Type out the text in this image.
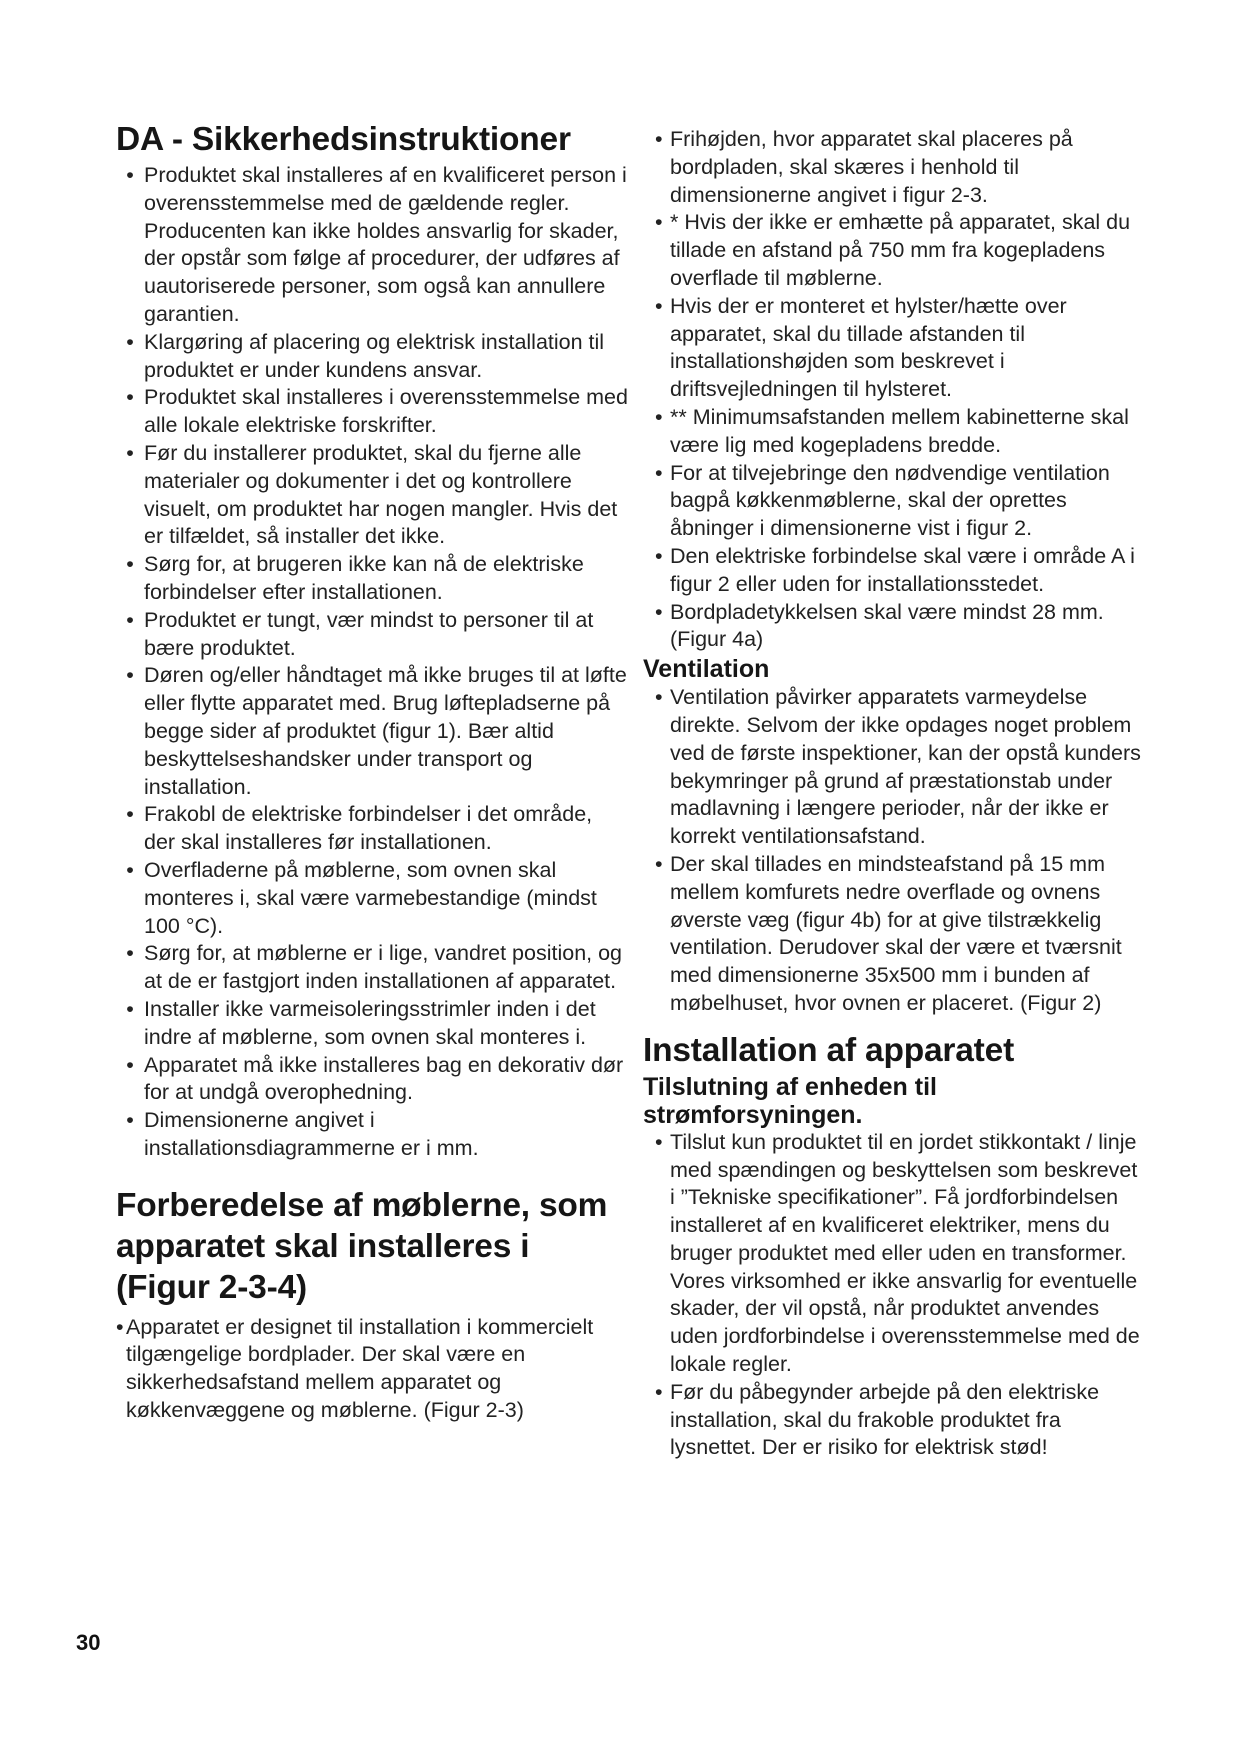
DA - Sikkerhedsinstruktioner
• Produktet skal installeres af en kvalificeret person i overensstemmelse med de gældende regler. Producenten kan ikke holdes ansvarlig for skader, der opstår som følge af procedurer, der udføres af uautoriserede personer, som også kan annullere garantien.
• Klargøring af placering og elektrisk installation til produktet er under kundens ansvar.
• Produktet skal installeres i overensstemmelse med alle lokale elektriske forskrifter.
• Før du installerer produktet, skal du fjerne alle materialer og dokumenter i det og kontrollere visuelt, om produktet har nogen mangler. Hvis det er tilfældet, så installer det ikke.
• Sørg for, at brugeren ikke kan nå de elektriske forbindelser efter installationen.
• Produktet er tungt, vær mindst to personer til at bære produktet.
• Døren og/eller håndtaget må ikke bruges til at løfte eller flytte apparatet med. Brug løftepladserne på begge sider af produktet (figur 1). Bær altid beskyttelseshandsker under transport og installation.
• Frakobl de elektriske forbindelser i det område, der skal installeres før installationen.
• Overfladerne på møblerne, som ovnen skal monteres i, skal være varmebestandige (mindst 100 °C).
• Sørg for, at møblerne er i lige, vandret position, og at de er fastgjort inden installationen af apparatet.
• Installer ikke varmeisoleringsstrimler inden i det indre af møblerne, som ovnen skal monteres i.
• Apparatet må ikke installeres bag en dekorativ dør for at undgå overophedning.
• Dimensionerne angivet i installationsdiagrammerne er i mm.
Forberedelse af møblerne, som apparatet skal installeres i (Figur 2-3-4)
• Apparatet er designet til installation i kommercielt tilgængelige bordplader. Der skal være en sikkerhedsafstand mellem apparatet og køkkenvæggene og møblerne. (Figur 2-3)
• Frihøjden, hvor apparatet skal placeres på bordpladen, skal skæres i henhold til dimensionerne angivet i figur 2-3.
• * Hvis der ikke er emhætte på apparatet, skal du tillade en afstand på 750 mm fra kogepladens overflade til møblerne.
• Hvis der er monteret et hylster/hætte over apparatet, skal du tillade afstanden til installationshøjden som beskrevet i driftsvejledningen til hylsteret.
• ** Minimumsafstanden mellem kabinetterne skal være lig med kogepladens bredde.
• For at tilvejebringe den nødvendige ventilation bagpå køkkenmøblerne, skal der oprettes åbninger i dimensionerne vist i figur 2.
• Den elektriske forbindelse skal være i område A i figur 2 eller uden for installationsstedet.
• Bordpladetykkelsen skal være mindst 28 mm. (Figur 4a)
Ventilation
• Ventilation påvirker apparatets varmeydelse direkte. Selvom der ikke opdages noget problem ved de første inspektioner, kan der opstå kunders bekymringer på grund af præstationstab under madlavning i længere perioder, når der ikke er korrekt ventilationsafstand.
• Der skal tillades en mindsteafstand på 15 mm mellem komfurets nedre overflade og ovnens øverste væg (figur 4b) for at give tilstrækkelig ventilation. Derudover skal der være et tværsnit med dimensionerne 35x500 mm i bunden af møbelhuset, hvor ovnen er placeret. (Figur 2)
Installation af apparatet
Tilslutning af enheden til strømforsyningen.
• Tilslut kun produktet til en jordet stikkontakt / linje med spændingen og beskyttelsen som beskrevet i ”Tekniske specifikationer”. Få jordforbindelsen installeret af en kvalificeret elektriker, mens du bruger produktet med eller uden en transformer. Vores virksomhed er ikke ansvarlig for eventuelle skader, der vil opstå, når produktet anvendes uden jordforbindelse i overensstemmelse med de lokale regler.
• Før du påbegynder arbejde på den elektriske installation, skal du frakoble produktet fra lysnettet. Der er risiko for elektrisk stød!
30
